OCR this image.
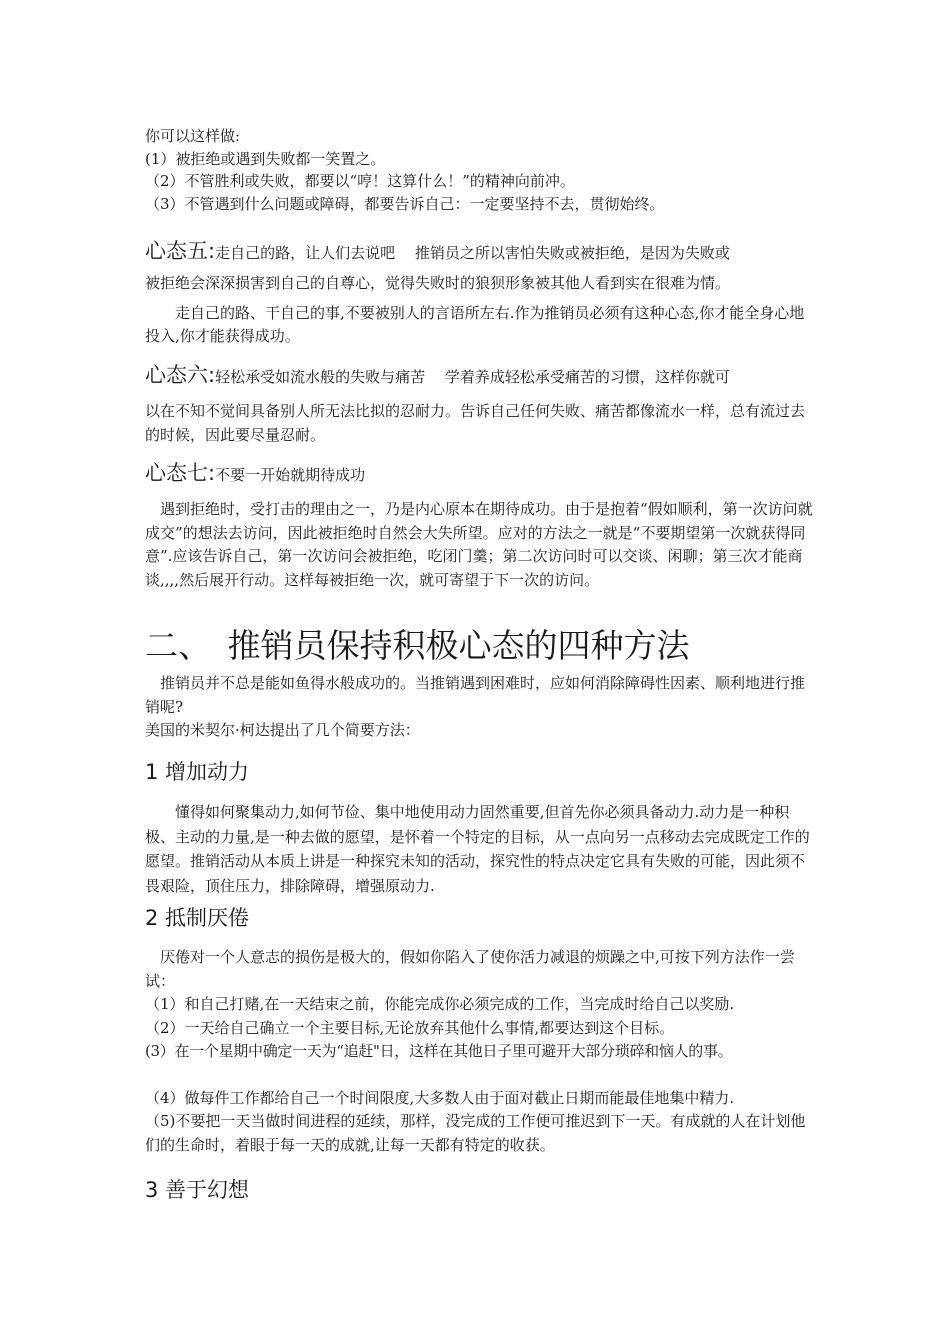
你可以这样做:

(1）被拒绝或遇到失败都一笑置之。

（2）不管胜利或失败，都要以“哼！这算什么！”的精神向前冲。

（3）不管遇到什么问题或障碍，都要告诉自己：一定要坚持不去，贯彻始终。

心态五:走自己的路，让人们去说吧　 推销员之所以害怕失败或被拒绝，是因为失败或

被拒绝会深深损害到自己的自尊心，觉得失败时的狼狈形象被其他人看到实在很难为情。

走自己的路、干自己的事,不要被别人的言语所左右.作为推销员必须有这种心态,你才能全身心地投入,你才能获得成功。

心态六:轻松承受如流水般的失败与痛苦　 学着养成轻松承受痛苦的习惯，这样你就可

以在不知不觉间具备别人所无法比拟的忍耐力。告诉自己任何失败、痛苦都像流水一样，总有流过去的时候，因此要尽量忍耐。

心态七:不要一开始就期待成功

遇到拒绝时，受打击的理由之一，乃是内心原本在期待成功。由于是抱着“假如顺利，第一次访问就成交”的想法去访问，因此被拒绝时自然会大失所望。应对的方法之一就是“不要期望第一次就获得同意”.应该告诉自己，第一次访问会被拒绝，吃闭门羹；第二次访问时可以交谈、闲聊；第三次才能商谈,,,,然后展开行动。这样每被拒绝一次，就可寄望于下一次的访问。

二、　推销员保持积极心态的四种方法

推销员并不总是能如鱼得水般成功的。当推销遇到困难时，应如何消除障碍性因素、顺利地进行推销呢?

美国的米契尔·柯达提出了几个简要方法：

1 增加动力

懂得如何聚集动力,如何节俭、集中地使用动力固然重要,但首先你必须具备动力.动力是一种积极、主动的力量,是一种去做的愿望，是怀着一个特定的目标，从一点向另一点移动去完成既定工作的愿望。推销活动从本质上讲是一种探究未知的活动，探究性的特点决定它具有失败的可能，因此须不畏艰险，顶住压力，排除障碍，增强原动力.

2 抵制厌倦

厌倦对一个人意志的损伤是极大的，假如你陷入了使你活力减退的烦躁之中,可按下列方法作一尝试：

（1）和自己打赌,在一天结束之前，你能完成你必须完成的工作，当完成时给自己以奖励.

（2）一天给自己确立一个主要目标,无论放弃其他什么事情,都要达到这个目标。

(3）在一个星期中确定一天为“追赶"日，这样在其他日子里可避开大部分琐碎和恼人的事。

（4）做每件工作都给自己一个时间限度,大多数人由于面对截止日期而能最佳地集中精力.

（5)不要把一天当做时间进程的延续，那样，没完成的工作便可推迟到下一天。有成就的人在计划他们的生命时，着眼于每一天的成就,让每一天都有特定的收获。

3 善于幻想
